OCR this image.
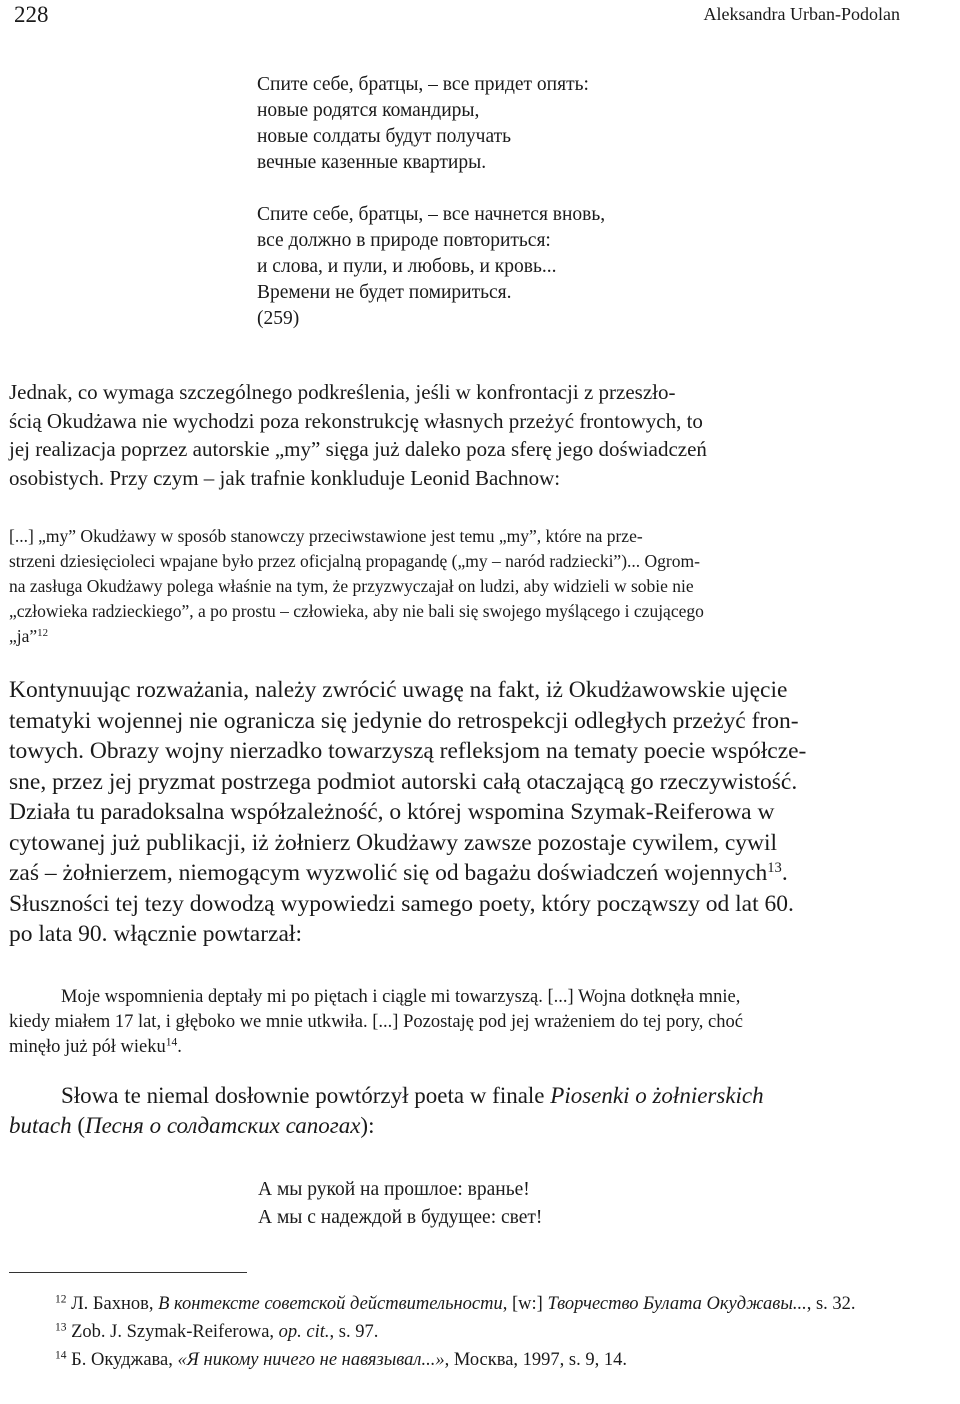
228	Aleksandra Urban-Podolan
Спите себе, братцы, – все придет опять:
новые родятся командиры,
новые солдаты будут получать
вечные казенные квартиры.
Спите себе, братцы, – все начнется вновь,
все должно в природе повториться:
и слова, и пули, и любовь, и кровь...
Времени не будет помириться.
(259)
Jednak, co wymaga szczególnego podkreślenia, jeśli w konfrontacji z przeszło-
ścią Okudżawa nie wychodzi poza rekonstrukcję własnych przeżyć frontowych, to
jej realizacja poprzez autorskie „my” sięga już daleko poza sferę jego doświadczeń
osobistych. Przy czym – jak trafnie konkluduje Leonid Bachnow:
[...] „my” Okudżawy w sposób stanowczy przeciwstawione jest temu „my”, które na prze-
strzeni dziesięcioleci wpajane było przez oficjalną propagandę („my – naród radziecki”)... Ogrom-
na zasługa Okudżawy polega właśnie na tym, że przyzwyczajał on ludzi, aby widzieli w sobie nie
„człowieka radzieckiego”, a po prostu – człowieka, aby nie bali się swojego myślącego i czującego
„ja”$^{12}$
Kontynuując rozważania, należy zwrócić uwagę na fakt, iż Okudżawowskie ujęcie
tematyki wojennej nie ogranicza się jedynie do retrospekcji odległych przeżyć fron-
towych. Obrazy wojny nierzadko towarzyszą refleksjom na tematy poecie współcze-
sne, przez jej pryzmat postrzega podmiot autorski całą otaczającą go rzeczywistość.
Działa tu paradoksalna współzależność, o której wspomina Szymak-Reiferowa w
cytowanej już publikacji, iż żołnierz Okudżawy zawsze pozostaje cywilem, cywil
zaś – żołnierzem, niemogącym wyzwolić się od bagażu doświadczeń wojennych$^{13}$.
Słuszności tej tezy dowodzą wypowiedzi samego poety, który począwszy od lat 60.
po lata 90. włącznie powtarzał:
Moje wspomnienia deptały mi po piętach i ciągle mi towarzyszą. [...] Wojna dotknęła mnie,
kiedy miałem 17 lat, i głęboko we mnie utkwiła. [...] Pozostaję pod jej wrażeniem do tej pory, choć
minęło już pół wieku$^{14}$.
Słowa te niemal dosłownie powtórzył poeta w finale Piosenki o żołnierskich
butach (Песня о солдатских сапогах):
А мы рукой на прошлое: вранье!
А мы с надеждой в будущее: свет!

$^{12}$ Л. Бахнов, В контексте советской действительности, [w:] Творчество Булата Окуджавы..., s. 32.

$^{13}$ Zob. J. Szymak-Reiferowa, op. cit., s. 97.

$^{14}$ Б. Окуджава, «Я никому ничего не навязывал...», Москва, 1997, s. 9, 14.
